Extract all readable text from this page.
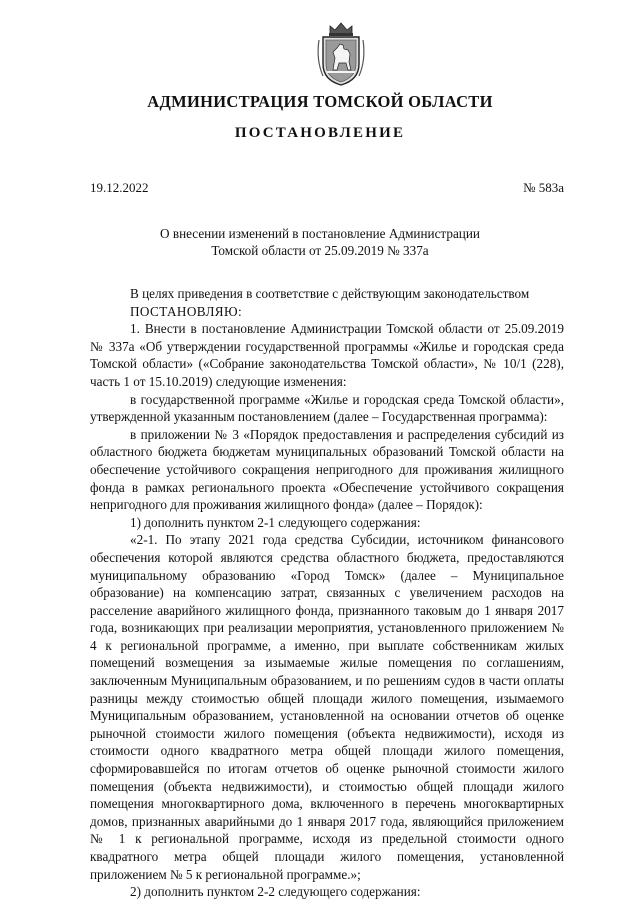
АДМИНИСТРАЦИЯ ТОМСКОЙ ОБЛАСТИ
ПОСТАНОВЛЕНИЕ
19.12.2022	№ 583а
О внесении изменений в постановление Администрации
Томской области от 25.09.2019 № 337а

В целях приведения в соответствие с действующим законодательством

ПОСТАНОВЛЯЮ:

1. Внести в постановление Администрации Томской области от 25.09.2019 № 337а «Об утверждении государственной программы «Жилье и городская среда Томской области» («Собрание законодательства Томской области», № 10/1 (228), часть 1 от 15.10.2019) следующие изменения:

в государственной программе «Жилье и городская среда Томской области», утвержденной указанным постановлением (далее – Государственная программа):

в приложении № 3 «Порядок предоставления и распределения субсидий из областного бюджета бюджетам муниципальных образований Томской области на обеспечение устойчивого сокращения непригодного для проживания жилищного фонда в рамках регионального проекта «Обеспечение устойчивого сокращения непригодного для проживания жилищного фонда» (далее – Порядок):

1) дополнить пунктом 2-1 следующего содержания:

«2-1. По этапу 2021 года средства Субсидии, источником финансового обеспечения которой являются средства областного бюджета, предоставляются муниципальному образованию «Город Томск» (далее – Муниципальное образование) на компенсацию затрат, связанных с увеличением расходов на расселение аварийного жилищного фонда, признанного таковым до 1 января 2017 года, возникающих при реализации мероприятия, установленного приложением № 4 к региональной программе, а именно, при выплате собственникам жилых помещений возмещения за изымаемые жилые помещения по соглашениям, заключенным Муниципальным образованием, и по решениям судов в части оплаты разницы между стоимостью общей площади жилого помещения, изымаемого Муниципальным образованием, установленной на основании отчетов об оценке рыночной стоимости жилого помещения (объекта недвижимости), исходя из стоимости одного квадратного метра общей площади жилого помещения, сформировавшейся по итогам отчетов об оценке рыночной стоимости жилого помещения (объекта недвижимости), и стоимостью общей площади жилого помещения многоквартирного дома, включенного в перечень многоквартирных домов, признанных аварийными до 1 января 2017 года, являющийся приложением № 1 к региональной программе, исходя из предельной стоимости одного квадратного метра общей площади жилого помещения, установленной приложением № 5 к региональной программе.»;

2) дополнить пунктом 2-2 следующего содержания:
